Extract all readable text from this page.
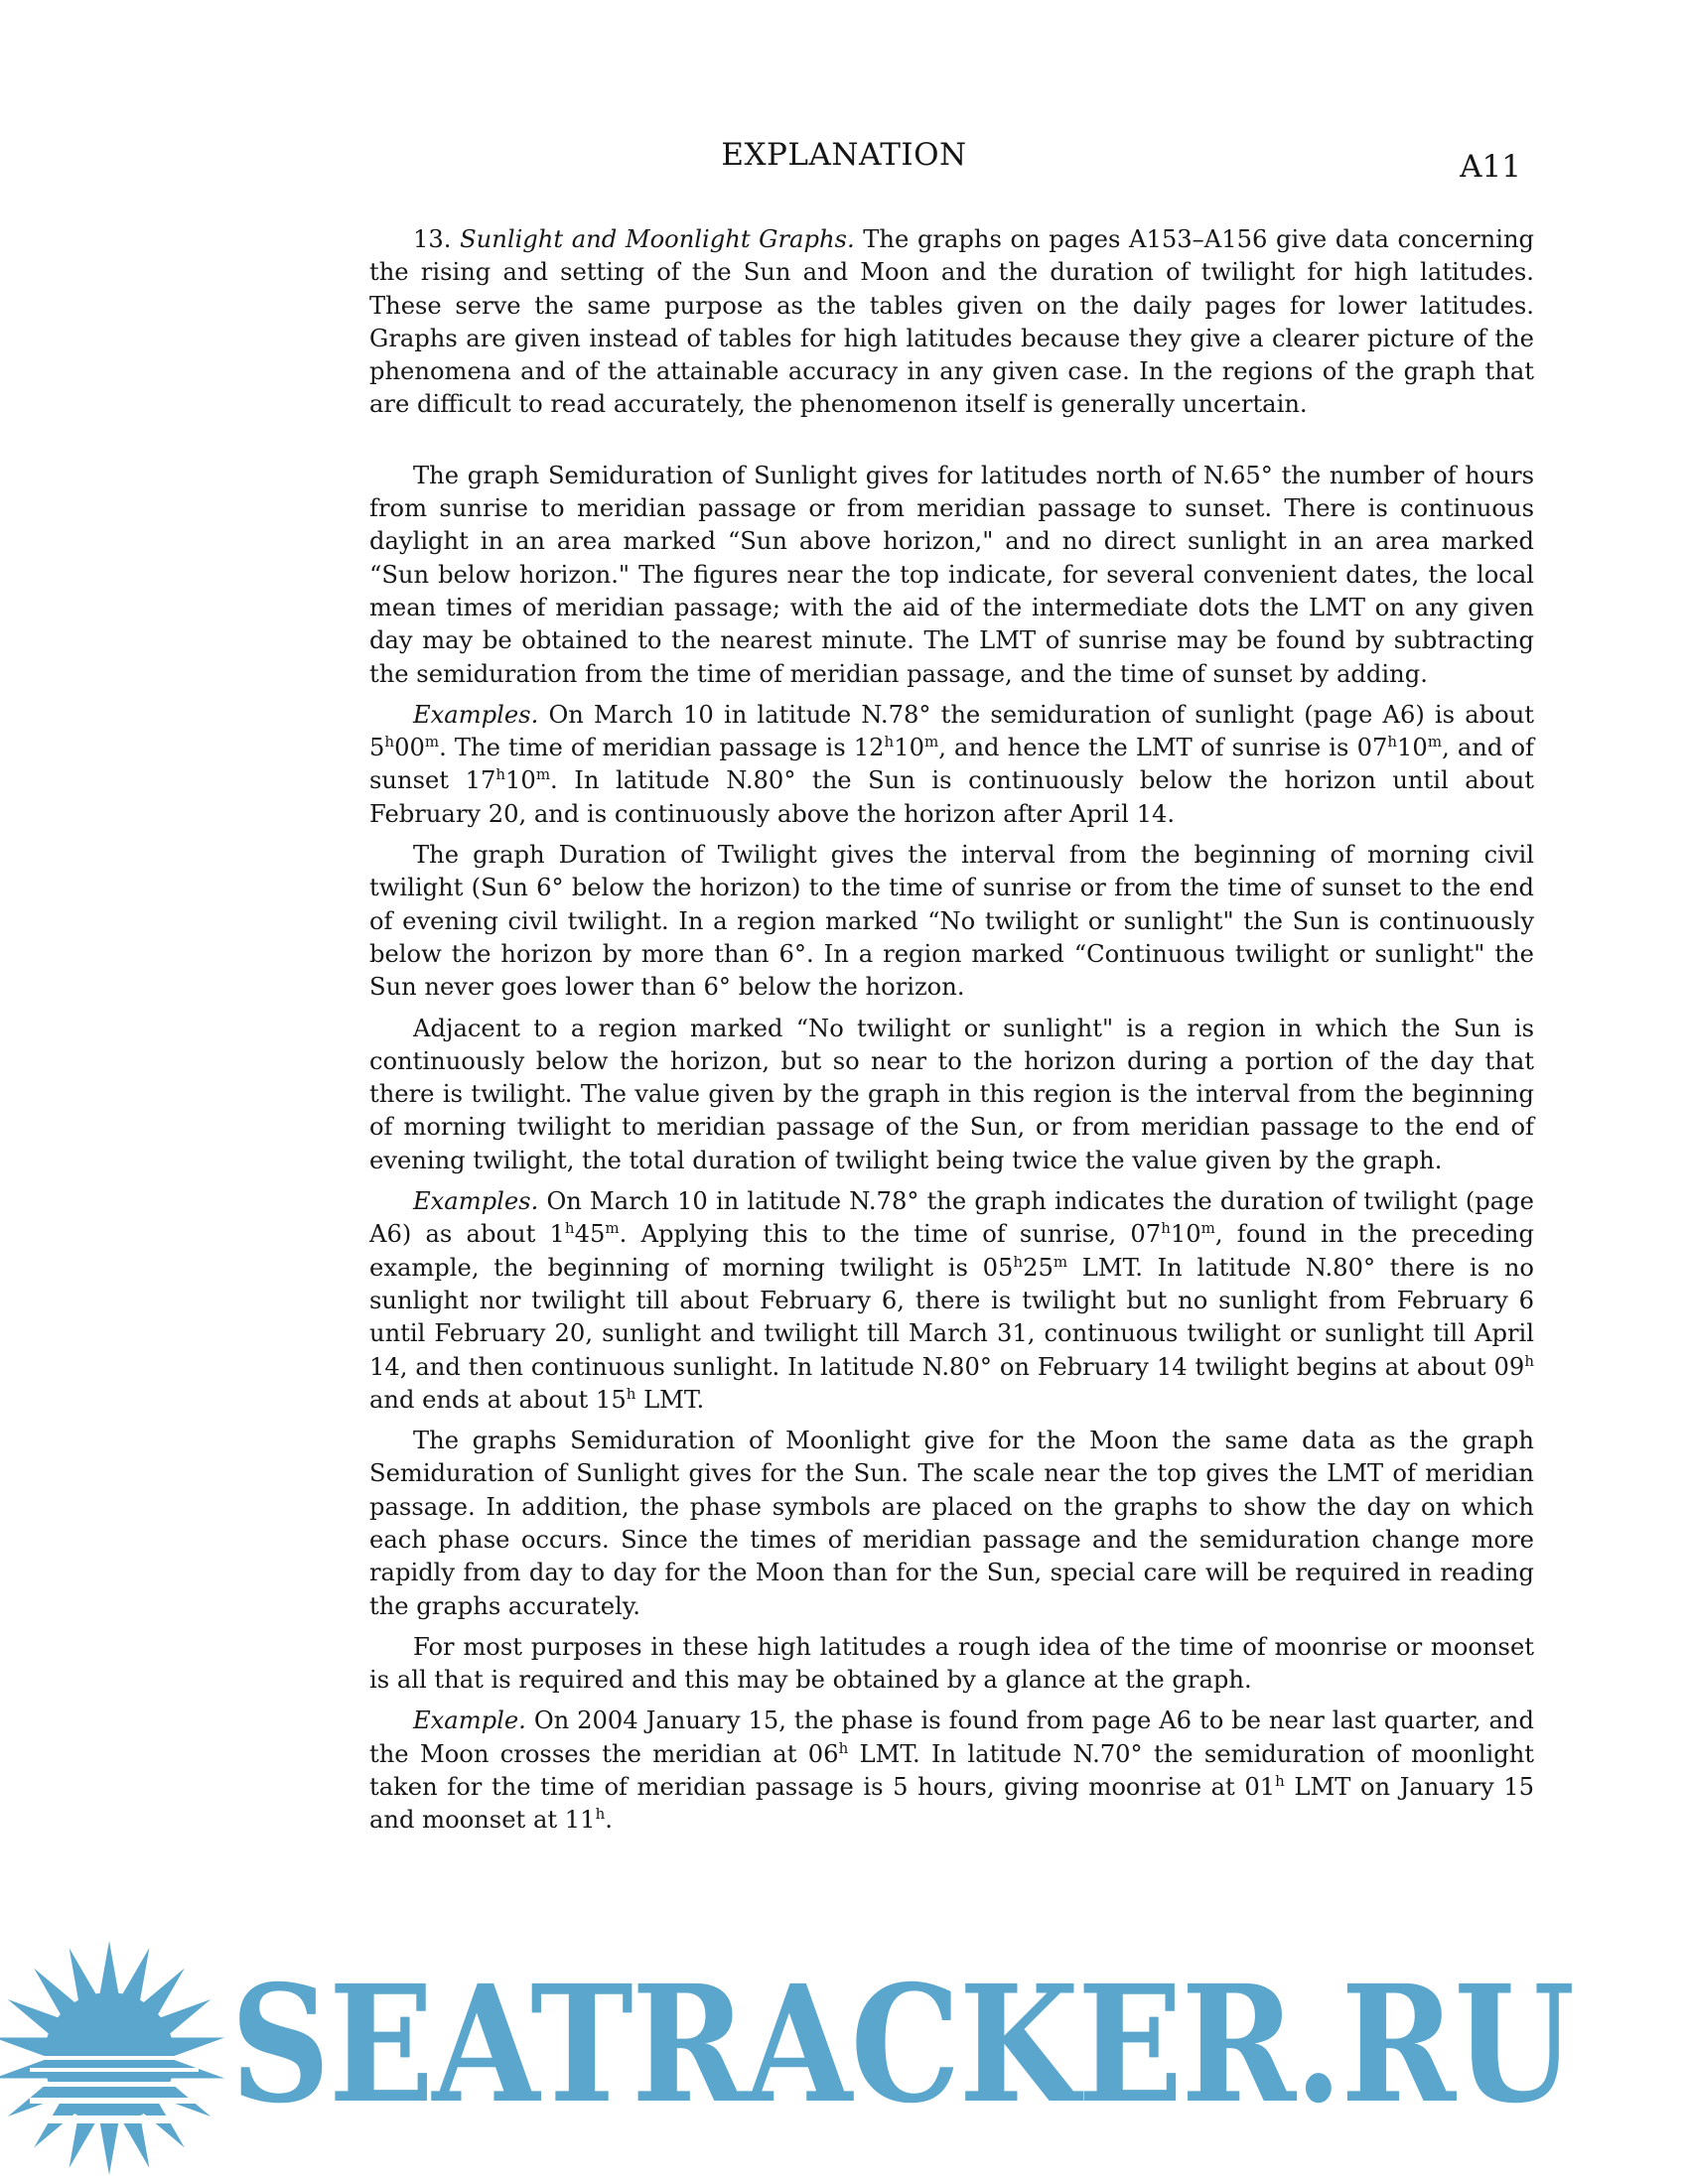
EXPLANATION	A11

13. Sunlight and Moonlight Graphs. The graphs on pages A153–A156 give data concerning the rising and setting of the Sun and Moon and the duration of twilight for high latitudes. These serve the same purpose as the tables given on the daily pages for lower latitudes. Graphs are given instead of tables for high latitudes because they give a clearer picture of the phenomena and of the attainable accuracy in any given case. In the regions of the graph that are difficult to read accurately, the phenomenon itself is generally uncertain.

The graph Semiduration of Sunlight gives for latitudes north of N.65° the number of hours from sunrise to meridian passage or from meridian passage to sunset. There is continuous daylight in an area marked “Sun above horizon," and no direct sunlight in an area marked “Sun below horizon." The figures near the top indicate, for several convenient dates, the local mean times of meridian passage; with the aid of the intermediate dots the LMT on any given day may be obtained to the nearest minute. The LMT of sunrise may be found by subtracting the semiduration from the time of meridian passage, and the time of sunset by adding.

Examples. On March 10 in latitude N.78° the semiduration of sunlight (page A6) is about 5$^h$00$^m$. The time of meridian passage is 12$^h$10$^m$, and hence the LMT of sunrise is 07$^h$10$^m$, and of sunset 17$^h$10$^m$. In latitude N.80° the Sun is continuously below the horizon until about February 20, and is continuously above the horizon after April 14.

The graph Duration of Twilight gives the interval from the beginning of morning civil twilight (Sun 6° below the horizon) to the time of sunrise or from the time of sunset to the end of evening civil twilight. In a region marked “No twilight or sunlight" the Sun is continuously below the horizon by more than 6°. In a region marked “Continuous twilight or sunlight" the Sun never goes lower than 6° below the horizon.

Adjacent to a region marked “No twilight or sunlight" is a region in which the Sun is continuously below the horizon, but so near to the horizon during a portion of the day that there is twilight. The value given by the graph in this region is the interval from the beginning of morning twilight to meridian passage of the Sun, or from meridian passage to the end of evening twilight, the total duration of twilight being twice the value given by the graph.

Examples. On March 10 in latitude N.78° the graph indicates the duration of twilight (page A6) as about 1$^h$45$^m$. Applying this to the time of sunrise, 07$^h$10$^m$, found in the preceding example, the beginning of morning twilight is 05$^h$25$^m$ LMT. In latitude N.80° there is no sunlight nor twilight till about February 6, there is twilight but no sunlight from February 6 until February 20, sunlight and twilight till March 31, continuous twilight or sunlight till April 14, and then continuous sunlight. In latitude N.80° on February 14 twilight begins at about 09$^h$ and ends at about 15$^h$ LMT.

The graphs Semiduration of Moonlight give for the Moon the same data as the graph Semiduration of Sunlight gives for the Sun. The scale near the top gives the LMT of meridian passage. In addition, the phase symbols are placed on the graphs to show the day on which each phase occurs. Since the times of meridian passage and the semiduration change more rapidly from day to day for the Moon than for the Sun, special care will be required in reading the graphs accurately.

For most purposes in these high latitudes a rough idea of the time of moonrise or moonset is all that is required and this may be obtained by a glance at the graph.

Example. On 2004 January 15, the phase is found from page A6 to be near last quarter, and the Moon crosses the meridian at 06$^h$ LMT. In latitude N.70° the semiduration of moonlight taken for the time of meridian passage is 5 hours, giving moonrise at 01$^h$ LMT on January 15 and moonset at 11$^h$.

SEATRACKER.RU
